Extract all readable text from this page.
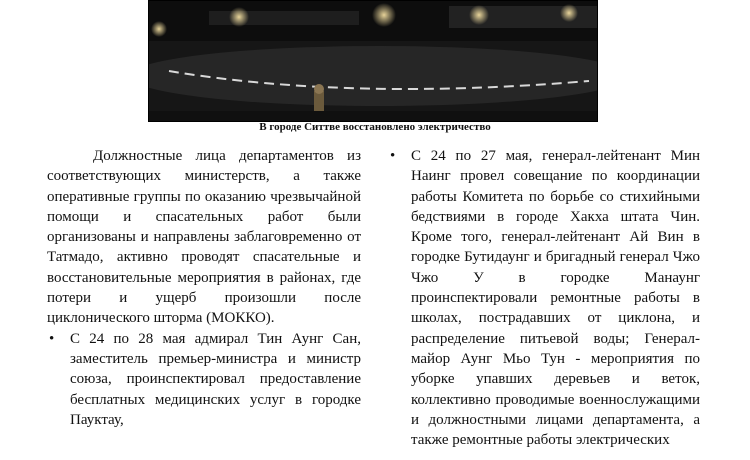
В городе Ситтве восстановлено электричество

Должностные лица департаментов из соответствующих министерств, а также оперативные группы по оказанию чрезвычайной помощи и спасательных работ были организованы и направлены заблаговременно от Татмадо, активно проводят спасательные и восстановительные мероприятия в районах, где потери и ущерб произошли после циклонического шторма (МОККО).

• С 24 по 28 мая адмирал Тин Аунг Сан, заместитель премьер-министра и министр союза, проинспектировал предоставление бесплатных медицинских услуг в городке Пауктау,
• С 24 по 27 мая, генерал-лейтенант Мин Наинг провел совещание по координации работы Комитета по борьбе со стихийными бедствиями в городе Хакха штата Чин. Кроме того, генерал-лейтенант Ай Вин в городке Бутидаунг и бригадный генерал Чжо Чжо У в городке Манаунг проинспектировали ремонтные работы в школах, пострадавших от циклона, и распределение питьевой воды; Генерал-майор Аунг Мьо Тун - мероприятия по уборке упавших деревьев и веток, коллективно проводимые военнослужащими и должностными лицами департамента, а также ремонтные работы электрических
